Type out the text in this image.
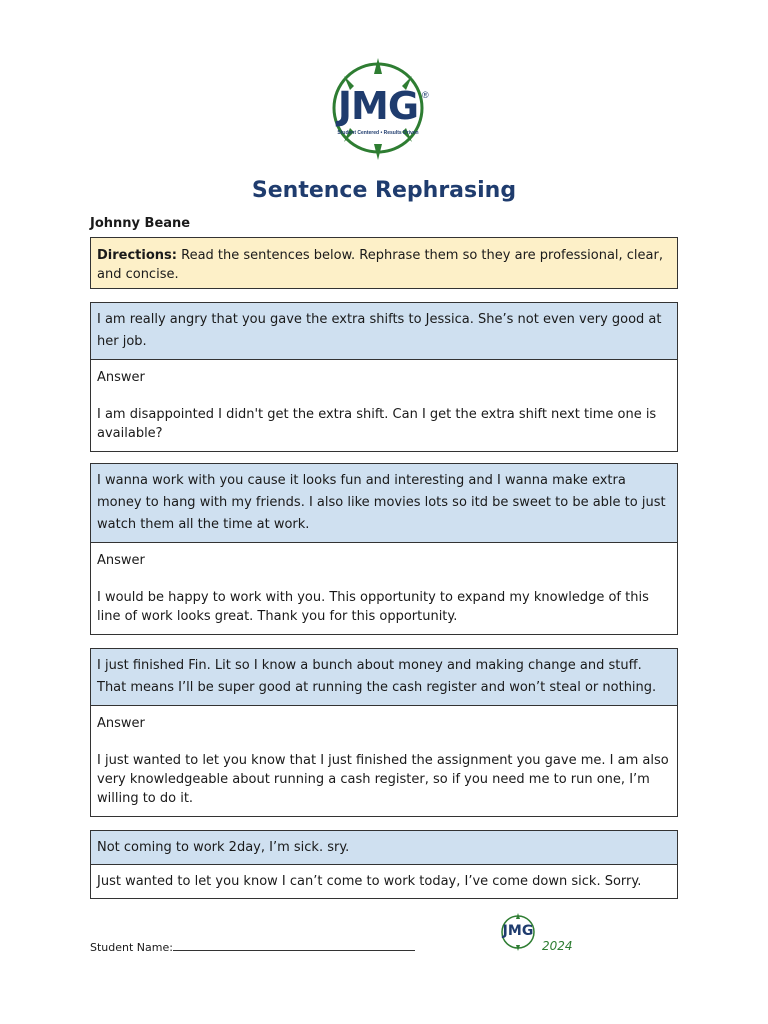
JMG ®
Student Centered • Results Driven
Sentence Rephrasing
Johnny Beane
Directions: Read the sentences below. Rephrase them so they are professional, clear, and concise.
I am really angry that you gave the extra shifts to Jessica. She’s not even very good at her job.
Answer
I am disappointed I didn't get the extra shift. Can I get the extra shift next time one is available?
I wanna work with you cause it looks fun and interesting and I wanna make extra money to hang with my friends. I also like movies lots so itd be sweet to be able to just watch them all the time at work.
Answer
I would be happy to work with you. This opportunity to expand my knowledge of this line of work looks great. Thank you for this opportunity.
I just finished Fin. Lit so I know a bunch about money and making change and stuff. That means I’ll be super good at running the cash register and won’t steal or nothing.
Answer
I just wanted to let you know that I just finished the assignment you gave me. I am also very knowledgeable about running a cash register, so if you need me to run one, I’m willing to do it.
Not coming to work 2day, I’m sick. sry.
Just wanted to let you know I can’t come to work today, I’ve come down sick. Sorry.
Student Name:
JMG
2024
